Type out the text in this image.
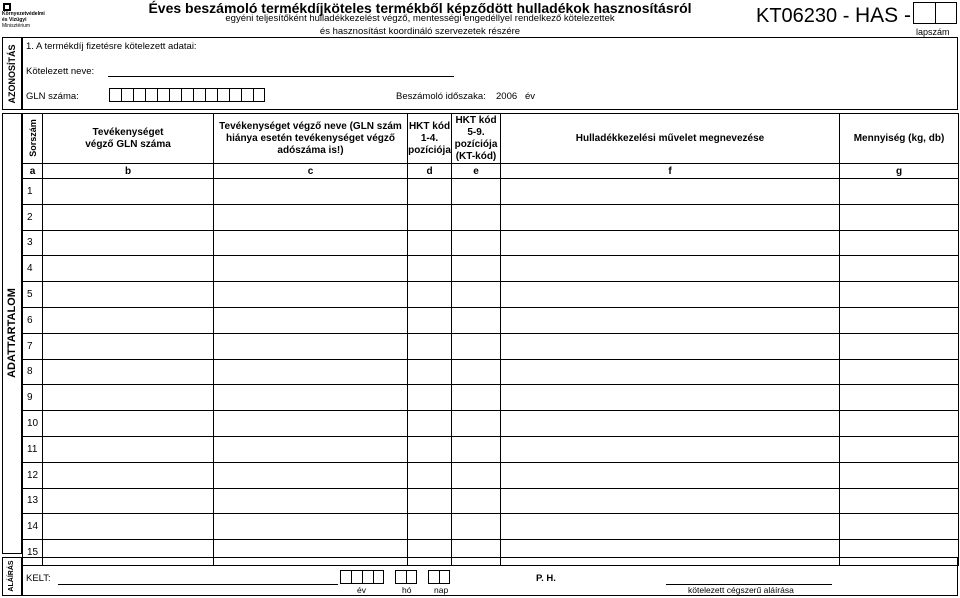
Környezetvédelmi
és Vízügyi
Minisztérium
Éves beszámoló termékdíjköteles termékből képződött hulladékok hasznosításról
egyéni teljesítőként hulladékkezelést végző, mentességi engedéllyel rendelkező kötelezettek
és hasznosítást koordináló szervezetek részére
KT06230 - HAS -
lapszám
AZONOSÍTÁS 1. A termékdíj fizetésre kötelezett adatai:
Kötelezett neve:
GLN száma:	Beszámoló időszaka: 2006 év
ADATTARTALOM
Sorszám	Tevékenységet végző GLN száma	Tevékenységet végző neve (GLN szám hiánya esetén tevékenységet végző adószáma is!)	HKT kód 1-4. pozíciója	HKT kód 5-9. pozíciója (KT-kód)	Hulladékkezelési művelet megnevezése	Mennyiség (kg, db)
a	b	c	d	e	f	g
1						
2						
3						
4						
5						
6						
7						
8						
9						
10						
11						
12						
13						
14						
15						
ALÁÍRÁS	KELT:
év	hó	nap
P. H.
kötelezett cégszerű aláírása
